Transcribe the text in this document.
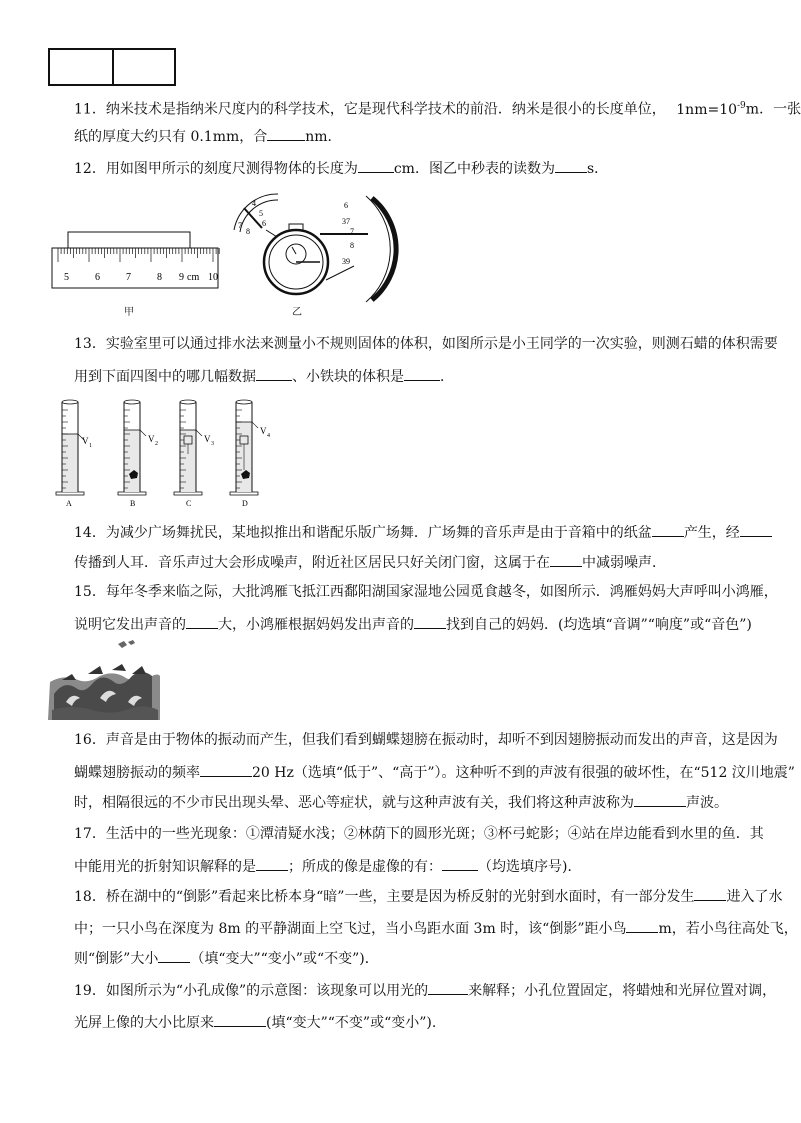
11．纳米技术是指纳米尺度内的科学技术，它是现代科学技术的前沿．纳米是很小的长度单位， $1nm=10^{-9}m$．一张
纸的厚度大约只有 0.1mm，合	nm．
12．用如图甲所示的刻度尺测得物体的长度为	cm．图乙中秒表的读数为 s．
5	6	7	8 9 cm 10
甲
4
5
6
7
8
6
37
7
8
39
乙
13．实验室里可以通过排水法来测量小不规则固体的体积，如图所示是小王同学的一次实验，则测石蜡的体积需要
用到下面四图中的哪几幅数据	、小铁块的体积是	．
V 1
V 2	V 3
V 4
A	B	C	D
14．为减少广场舞扰民，某地拟推出和谐配乐版广场舞．广场舞的音乐声是由于音箱中的纸盆 产生，经
传播到人耳．音乐声过大会形成噪声，附近社区居民只好关闭门窗，这属于在 中减弱噪声．
15．每年冬季来临之际，大批鸿雁飞抵江西鄱阳湖国家湿地公园觅食越冬，如图所示．鸿雁妈妈大声呼叫小鸿雁，
说明它发出声音的 大，小鸿雁根据妈妈发出声音的 找到自己的妈妈．(均选填“音调”“响度”或“音色”)
16．声音是由于物体的振动而产生，但我们看到蝴蝶翅膀在振动时，却听不到因翅膀振动而发出的声音，这是因为
蝴蝶翅膀振动的频率	20 Hz（选填“低于”、“高于”）。这种听不到的声波有很强的破坏性，在“512 汶川地震”
时，相隔很远的不少市民出现头晕、恶心等症状，就与这种声波有关，我们将这种声波称为	声波。
17．生活中的一些光现象：①潭清疑水浅；②林荫下的圆形光斑；③杯弓蛇影；④站在岸边能看到水里的鱼．其
中能用光的折射知识解释的是 ；所成的像是虚像的有：	（均选填序号)．
18．桥在湖中的“倒影”看起来比桥本身“暗”一些，主要是因为桥反射的光射到水面时，有一部分发生 进入了水
中；一只小鸟在深度为 8m 的平静湖面上空飞过，当小鸟距水面 3m 时，该“倒影”距小鸟 m，若小鸟往高处飞，
则“倒影”大小 （填“变大”“变小”或“不变”)．
19．如图所示为“小孔成像”的示意图：该现象可以用光的	来解释；小孔位置固定，将蜡烛和光屏位置对调，
光屏上像的大小比原来	(填“变大”“不变”或“变小”).
